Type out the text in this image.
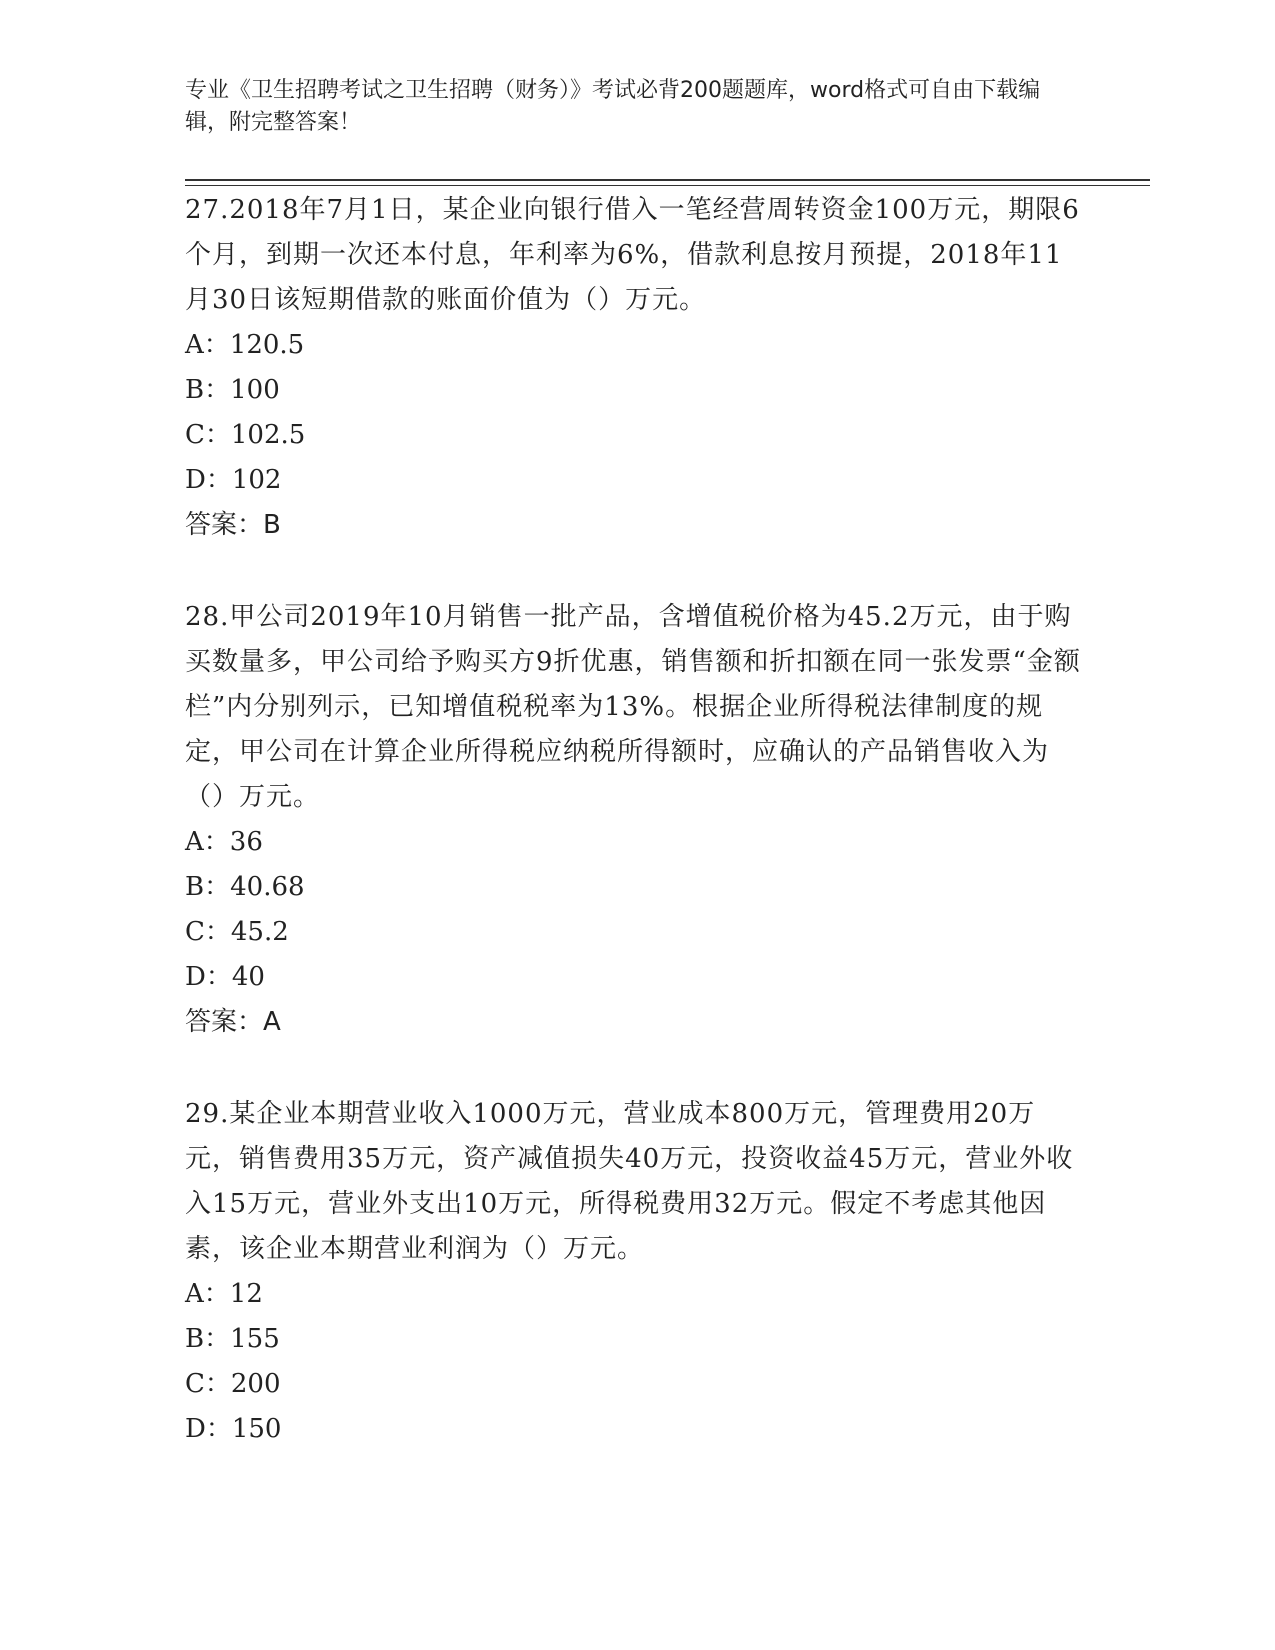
专业《卫生招聘考试之卫生招聘（财务）》考试必背200题题库，word格式可自由下载编辑，附完整答案！

27.2018年7月1日，某企业向银行借入一笔经营周转资金100万元，期限6个月，到期一次还本付息，年利率为6%，借款利息按月预提，2018年11月30日该短期借款的账面价值为（）万元。

A：120.5

B：100

C：102.5

D：102

答案：B

28.甲公司2019年10月销售一批产品，含增值税价格为45.2万元，由于购买数量多，甲公司给予购买方9折优惠，销售额和折扣额在同一张发票“金额栏”内分别列示，已知增值税税率为13%。根据企业所得税法律制度的规定，甲公司在计算企业所得税应纳税所得额时，应确认的产品销售收入为（）万元。

A：36

B：40.68

C：45.2

D：40

答案：A

29.某企业本期营业收入1000万元，营业成本800万元，管理费用20万元，销售费用35万元，资产减值损失40万元，投资收益45万元，营业外收入15万元，营业外支出10万元，所得税费用32万元。假定不考虑其他因素，该企业本期营业利润为（）万元。

A：12

B：155

C：200

D：150
